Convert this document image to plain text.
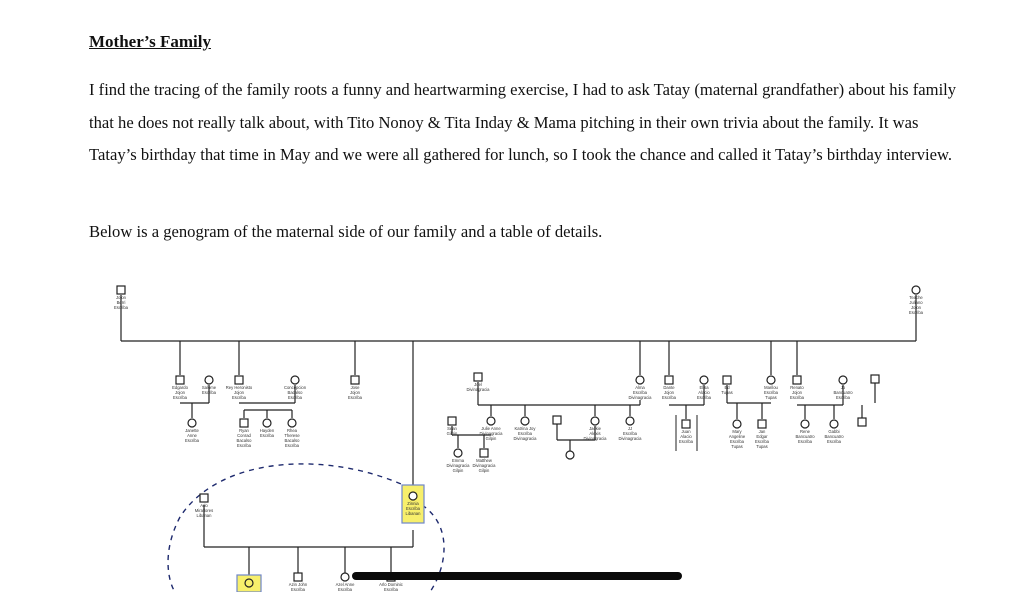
Mother’s Family
I find the tracing of the family roots a funny and heartwarming exercise, I had to ask Tatay (maternal grandfather) about his family that he does not really talk about, with Tito Nonoy & Tita Inday & Mama pitching in their own trivia about the family. It was Tatay’s birthday that time in May and we were all gathered for lunch, so I took the chance and called it Tatay’s birthday interview.
Below is a genogram of the maternal side of our family and a table of details.
Jojon Berri Escriba
Teache Juliano Jojon Escriba
Edgardo Jojon Escriba
Salome Escriba
Rey Heronisto Jojon Escriba
Concepcion Bacalso Escriba
Jose Jojon Escriba
Janette Anne Escriba
Ryan Conrad Bacalso Escriba
Hayden Escriba
Rhea Therese Bacalso Escriba
Joel Divinagracia
Sean Gilpin
Julie Anne Divinagracia Gilpin
Katrina Joy Escriba Divinagracia
Jackie Alexis Divinagracia
JJ Escriba Divinagracia
Emma Divinagracia Gilpin
Matthew Divinagracia Gilpin
Alma Escriba Divinagracia
Dante Jojon Escriba
Elisa Alacio Escriba
Ed Tupas
Marilou Escriba Tupas
Renato Jojon Escriba
Jo Bancuatro Escriba
Juan Alacio Escriba
Mary Angeline Escriba Tupas
Jan Edgar Escriba Tupas
Rene Bancuatro Escriba
Gabbi Bancuatro Escriba
Arlo Miraflores Libanan
Zinnia Escriba Libanan
Azin John Escriba
Azel Anne Escriba
Arlo Dominic Escriba
